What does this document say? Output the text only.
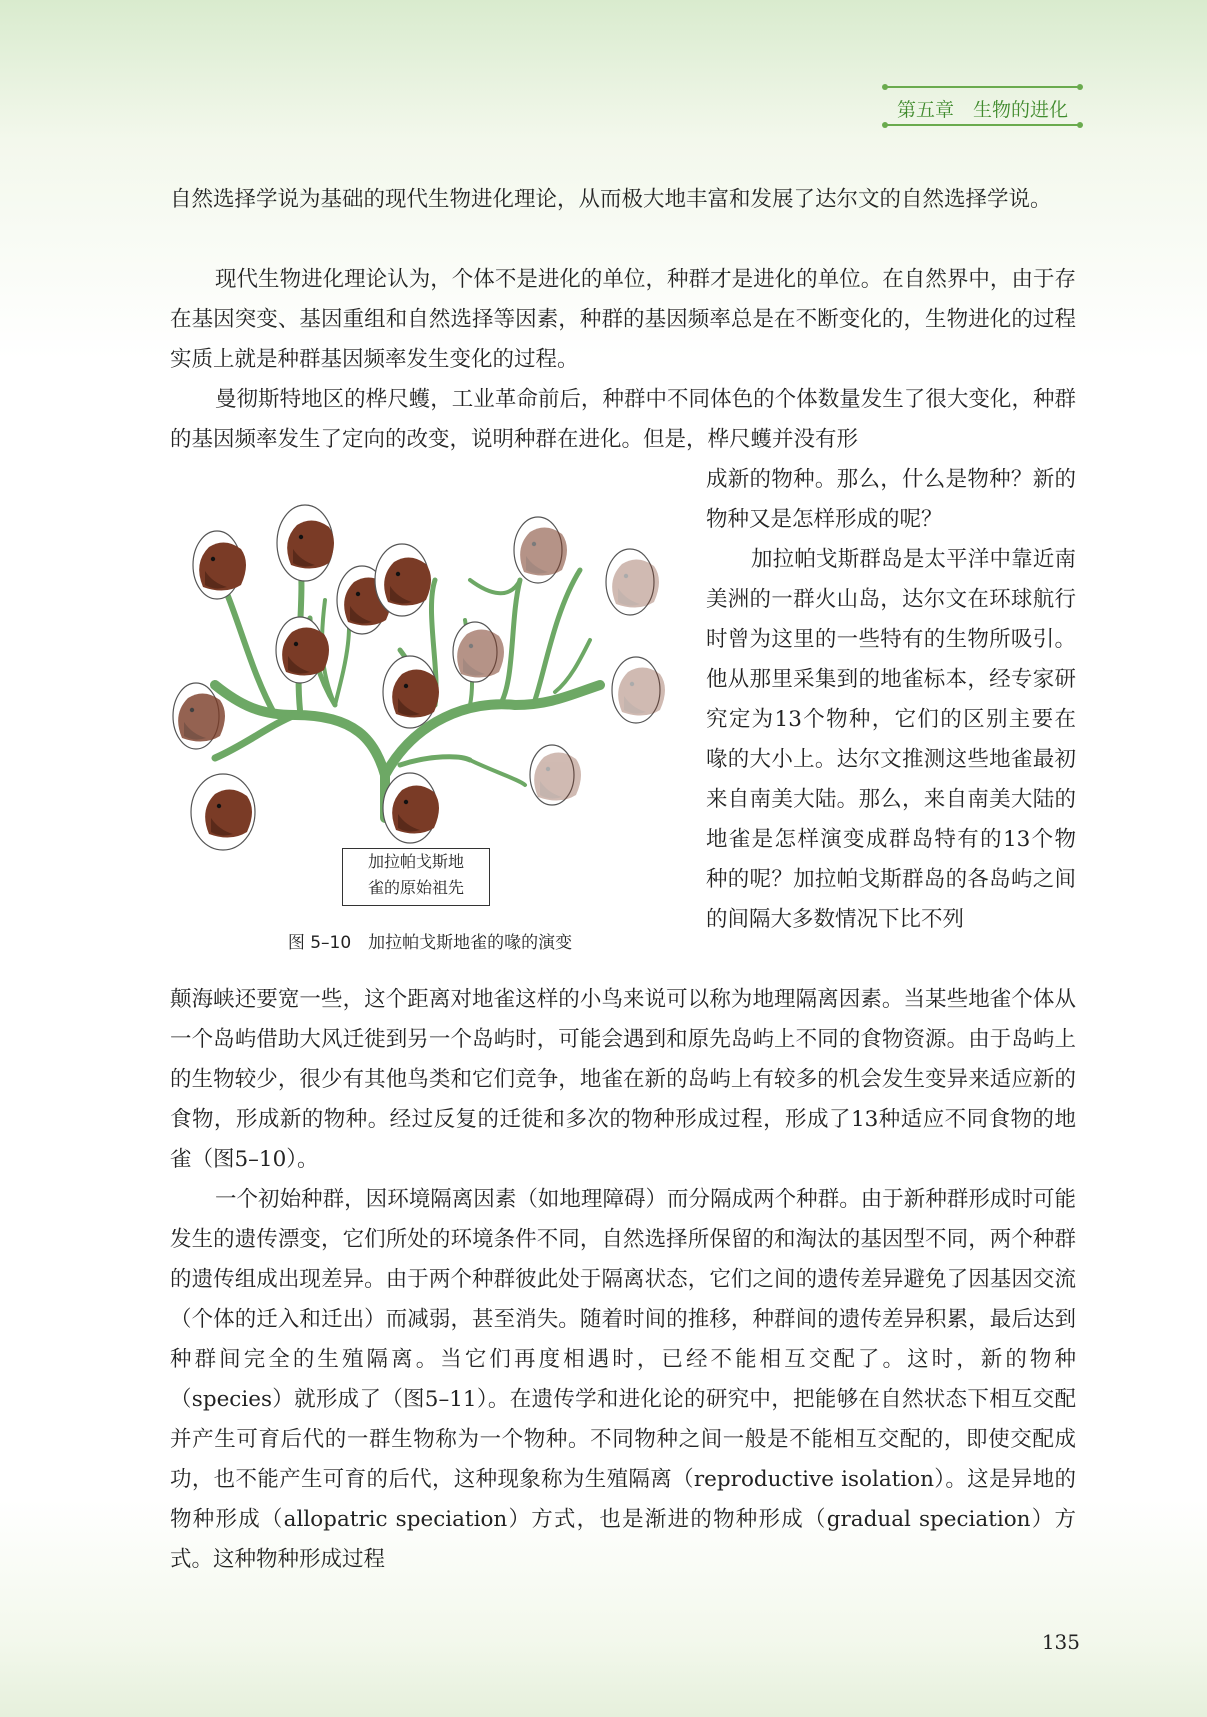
第五章　 生物的进化

自然选择学说为基础的现代生物进化理论，从而极大地丰富和发展了达尔文的自然选择学说。

现代生物进化理论认为，个体不是进化的单位，种群才是进化的单位。在自然界中，由于存在基因突变、基因重组和自然选择等因素，种群的基因频率总是在不断变化的，生物进化的过程实质上就是种群基因频率发生变化的过程。

曼彻斯特地区的桦尺蠖，工业革命前后，种群中不同体色的个体数量发生了很大变化，种群的基因频率发生了定向的改变，说明种群在进化。但是，桦尺蠖并没有形

成新的物种。那么，什么是物种？新的物种又是怎样形成的呢？

加拉帕戈斯群岛是太平洋中靠近南美洲的一群火山岛，达尔文在环球航行时曾为这里的一些特有的生物所吸引。他从那里采集到的地雀标本，经专家研究定为13个物种，它们的区别主要在喙的大小上。达尔文推测这些地雀最初来自南美大陆。那么，来自南美大陆的地雀是怎样演变成群岛特有的13个物种的呢？加拉帕戈斯群岛的各岛屿之间的间隔大多数情况下比不列

颠海峡还要宽一些，这个距离对地雀这样的小鸟来说可以称为地理隔离因素。当某些地雀个体从一个岛屿借助大风迁徙到另一个岛屿时，可能会遇到和原先岛屿上不同的食物资源。由于岛屿上的生物较少，很少有其他鸟类和它们竞争，地雀在新的岛屿上有较多的机会发生变异来适应新的食物，形成新的物种。经过反复的迁徙和多次的物种形成过程，形成了13种适应不同食物的地雀（图5–10）。

一个初始种群，因环境隔离因素（如地理障碍）而分隔成两个种群。由于新种群形成时可能发生的遗传漂变，它们所处的环境条件不同，自然选择所保留的和淘汰的基因型不同，两个种群的遗传组成出现差异。由于两个种群彼此处于隔离状态，它们之间的遗传差异避免了因基因交流（个体的迁入和迁出）而减弱，甚至消失。随着时间的推移，种群间的遗传差异积累，最后达到种群间完全的生殖隔离。当它们再度相遇时，已经不能相互交配了。这时，新的物种（species）就形成了（图5–11）。在遗传学和进化论的研究中，把能够在自然状态下相互交配并产生可育后代的一群生物称为一个物种。不同物种之间一般是不能相互交配的，即使交配成功，也不能产生可育的后代，这种现象称为生殖隔离（reproductive isolation）。这是异地的物种形成（allopatric speciation）方式，也是渐进的物种形成（gradual speciation）方式。这种物种形成过程

加拉帕戈斯地
雀的原始祖先
图 5–10　加拉帕戈斯地雀的喙的演变
135
